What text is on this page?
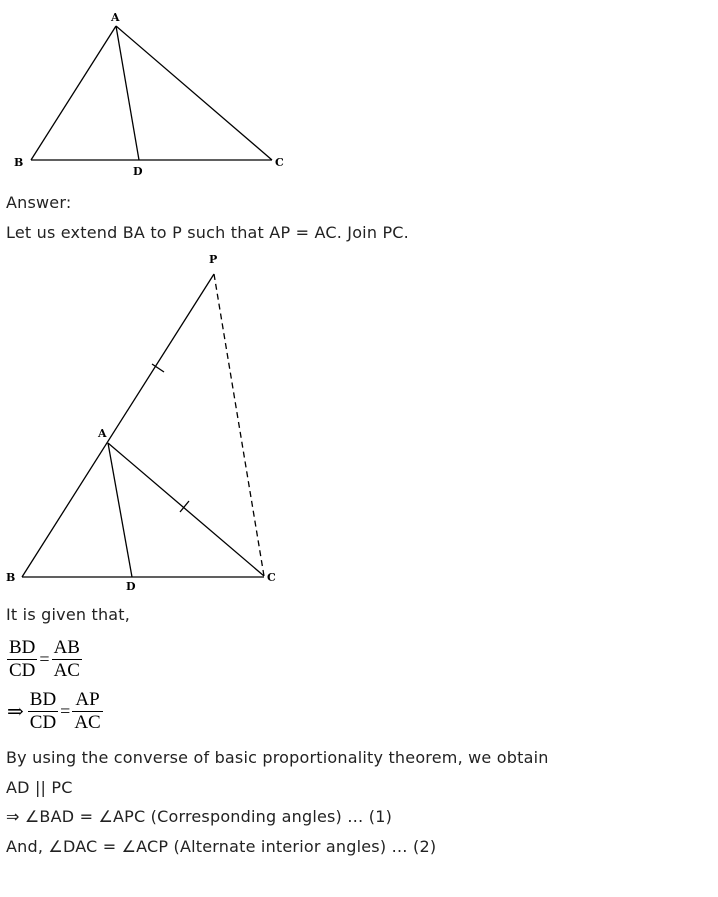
A
B	C
D
Answer:
Let us extend BA to P such that AP = AC. Join PC.
P
A
B	C
D
It is given that,
$\frac{BD}{CD} = \frac{AB}{AC}$
⇒ $\frac{BD}{CD} = \frac{AP}{AC}$
By using the converse of basic proportionality theorem, we obtain
AD || PC
⇒ ∠BAD = ∠APC (Corresponding angles) … (1)
And, ∠DAC = ∠ACP (Alternate interior angles) … (2)
